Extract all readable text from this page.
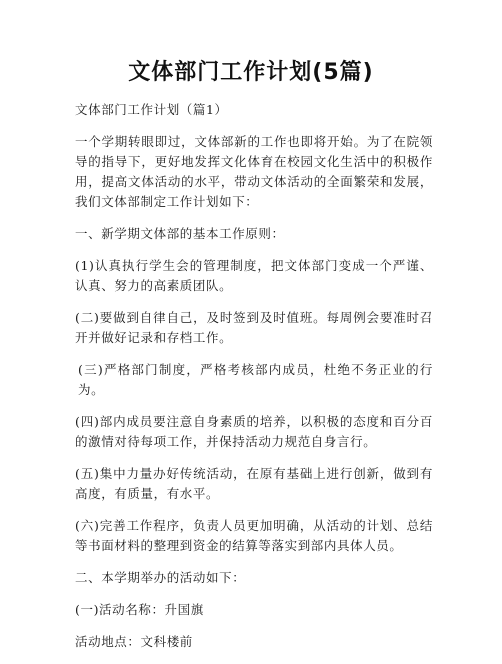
文体部门工作计划(5篇)

文体部门工作计划（篇1）

一个学期转眼即过，文体部新的工作也即将开始。为了在院领导的指导下，更好地发挥文化体育在校园文化生活中的积极作用，提高文体活动的水平，带动文体活动的全面繁荣和发展，我们文体部制定工作计划如下：

一、新学期文体部的基本工作原则：

(1)认真执行学生会的管理制度，把文体部门变成一个严谨、认真、努力的高素质团队。

(二)要做到自律自己，及时签到及时值班。每周例会要准时召开并做好记录和存档工作。

(三)严格部门制度，严格考核部内成员，杜绝不务正业的行为。

(四)部内成员要注意自身素质的培养，以积极的态度和百分百的激情对待每项工作，并保持活动力规范自身言行。

(五)集中力量办好传统活动，在原有基础上进行创新，做到有高度，有质量，有水平。

(六)完善工作程序，负责人员更加明确，从活动的计划、总结等书面材料的整理到资金的结算等落实到部内具体人员。

二、本学期举办的活动如下：

(一)活动名称：升国旗

活动地点：文科楼前
